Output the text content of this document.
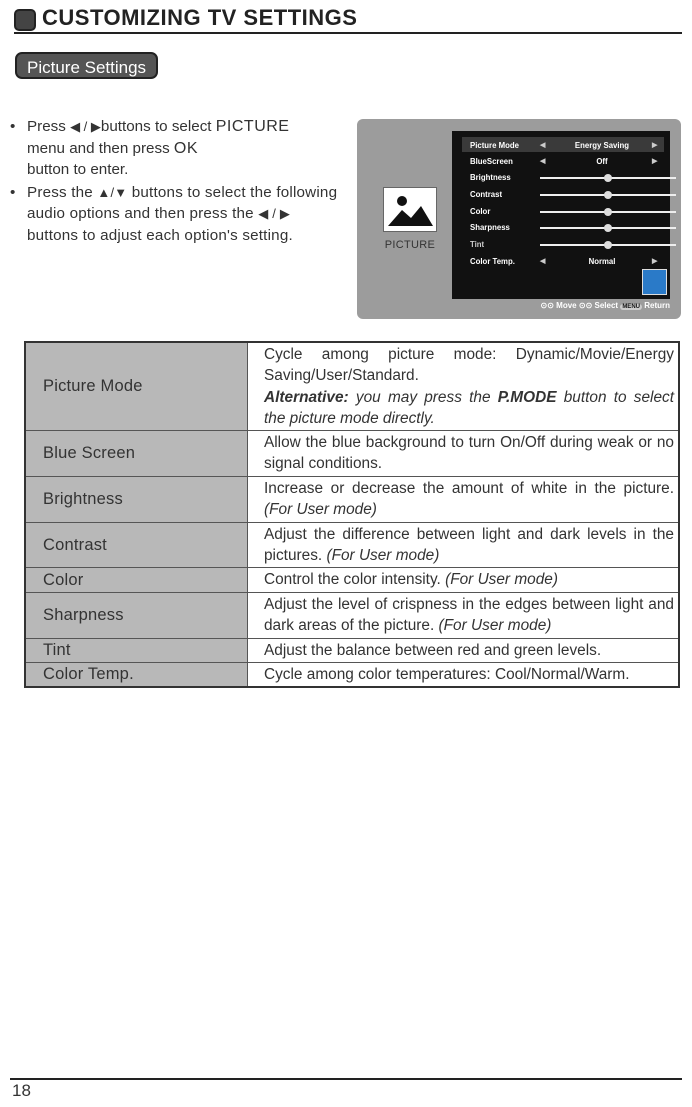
CUSTOMIZING TV SETTINGS
Picture Settings
• Press ◀ / ▶buttons to select PICTURE
menu and then press OK
button to enter.
• Press the ▲/▼ buttons to select the following audio options and then press the ◀ / ▶ buttons to adjust each option's setting.
PICTURE
Picture Mode	◀	Energy Saving	▶
BlueScreen	◀	Off	▶
Brightness
Contrast
Color
Sharpness
Tint
Color Temp.	◀	Normal	▶
⊙⊙ Move ⊙⊙ Select MENU Return
Picture Mode	Cycle among picture mode: Dynamic/Movie/Energy Saving/User/Standard.
Alternative: you may press the P.MODE button to select the picture mode directly.
Blue Screen	Allow the blue background to turn On/Off during weak or no signal conditions.
Brightness	Increase or decrease the amount of white in the picture. (For User mode)
Contrast	Adjust the difference between light and dark levels in the pictures. (For User mode)
Color	Control the color intensity. (For User mode)
Sharpness	Adjust the level of crispness in the edges between light and dark areas of the picture. (For User mode)
Tint	Adjust the balance between red and green levels.
Color Temp.	Cycle among color temperatures: Cool/Normal/Warm.
18
